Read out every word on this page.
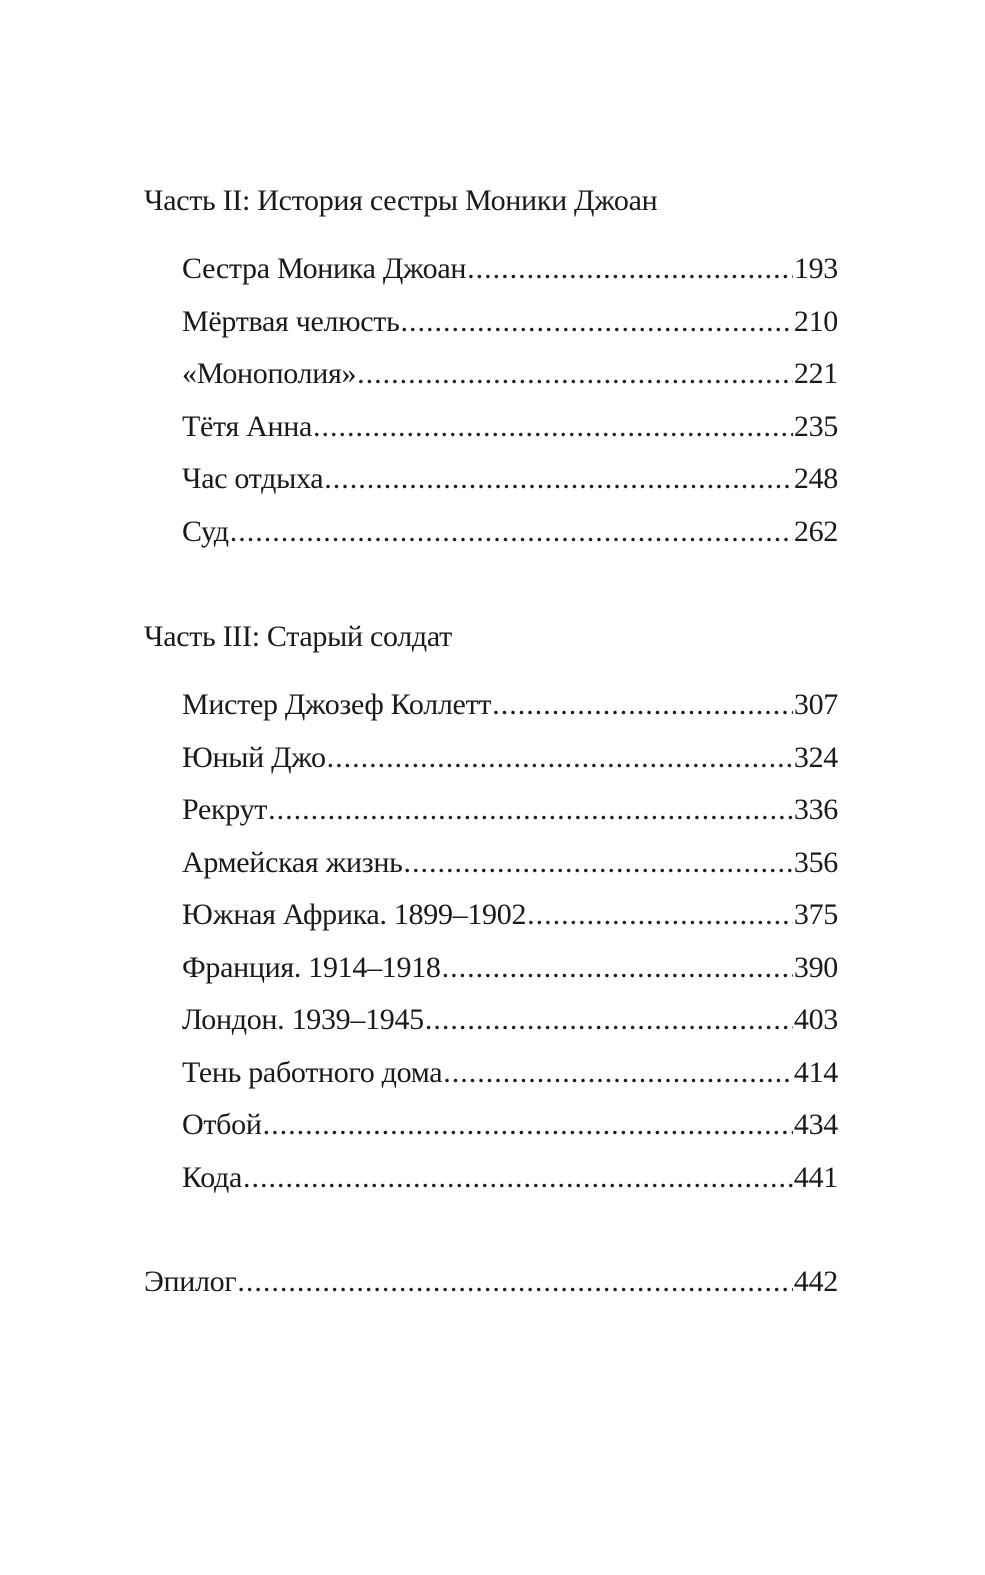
Часть II: История сестры Моники Джоан
Сестра Моника Джоан .....	193
Мёртвая челюсть .....	210
«Монополия» .....	221
Тётя Анна .....	235
Час отдыха .....	248
Суд .....	262
Часть III: Старый солдат
Мистер Джозеф Коллетт .....	307
Юный Джо .....	324
Рекрут .....	336
Армейская жизнь .....	356
Южная Африка. 1899–1902 .....	375
Франция. 1914–1918 .....	390
Лондон. 1939–1945 .....	403
Тень работного дома .....	414
Отбой .....	434
Кода .....	441
Эпилог .....	442
